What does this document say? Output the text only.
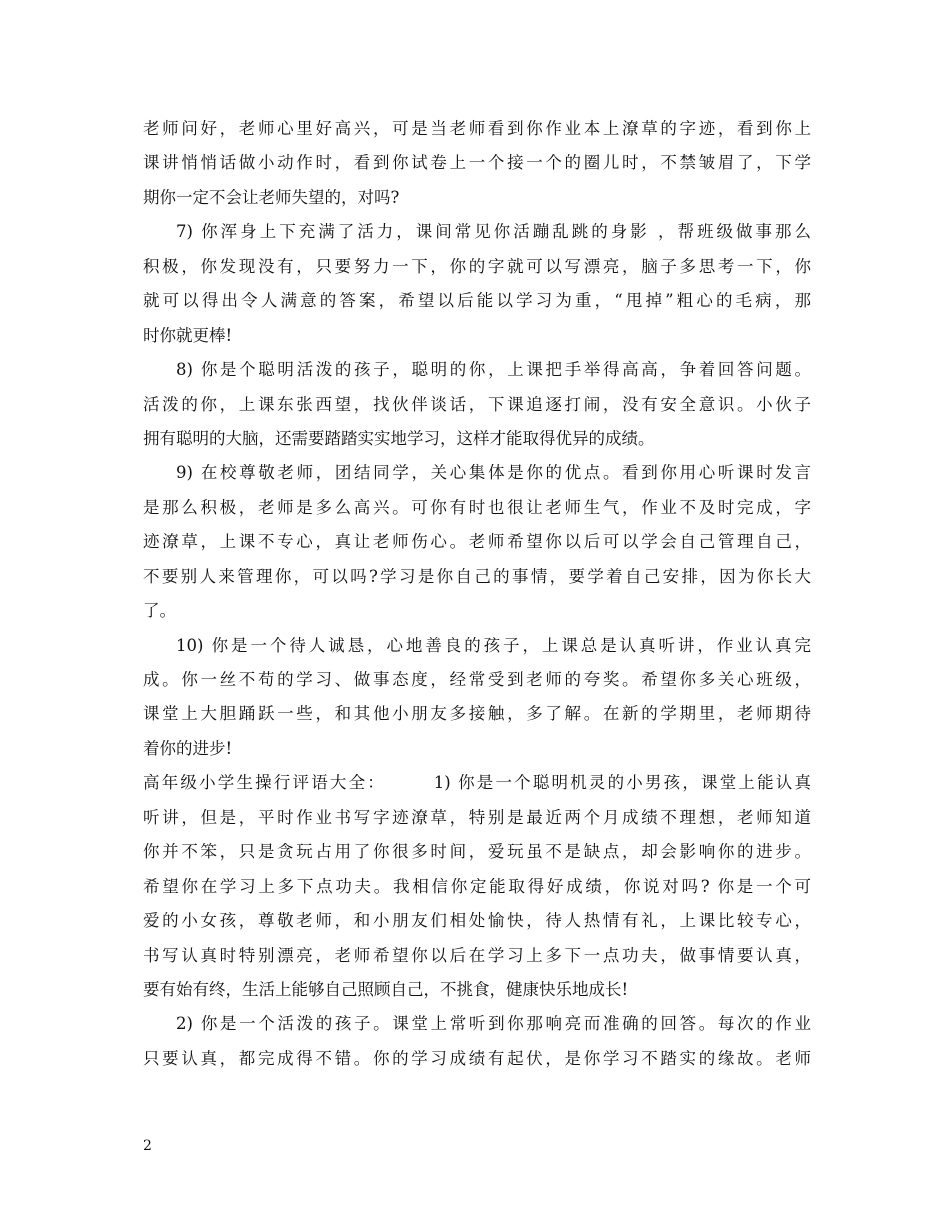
老师问好，老师心里好高兴，可是当老师看到你作业本上潦草的字迹，看到你上
课讲悄悄话做小动作时，看到你试卷上一个接一个的圈儿时，不禁皱眉了，下学
期你一定不会让老师失望的，对吗?
7) 你浑身上下充满了活力，课间常见你活蹦乱跳的身影 ，帮班级做事那么
积极，你发现没有，只要努力一下，你的字就可以写漂亮，脑子多思考一下，你
就可以得出令人满意的答案，希望以后能以学习为重，“甩掉”粗心的毛病，那
时你就更棒!
8) 你是个聪明活泼的孩子，聪明的你，上课把手举得高高，争着回答问题。
活泼的你，上课东张西望，找伙伴谈话，下课追逐打闹，没有安全意识。小伙子
拥有聪明的大脑，还需要踏踏实实地学习，这样才能取得优异的成绩。
9) 在校尊敬老师，团结同学，关心集体是你的优点。看到你用心听课时发言
是那么积极，老师是多么高兴。可你有时也很让老师生气，作业不及时完成，字
迹潦草，上课不专心，真让老师伤心。老师希望你以后可以学会自己管理自己，
不要别人来管理你，可以吗?学习是你自己的事情，要学着自己安排，因为你长大
了。
10) 你是一个待人诚恳，心地善良的孩子，上课总是认真听讲，作业认真完
成。你一丝不苟的学习、做事态度，经常受到老师的夸奖。希望你多关心班级，
课堂上大胆踊跃一些，和其他小朋友多接触，多了解。在新的学期里，老师期待
着你的进步!
高年级小学生操行评语大全：　　　1) 你是一个聪明机灵的小男孩，课堂上能认真
听讲，但是，平时作业书写字迹潦草，特别是最近两个月成绩不理想，老师知道
你并不笨，只是贪玩占用了你很多时间，爱玩虽不是缺点，却会影响你的进步。
希望你在学习上多下点功夫。我相信你定能取得好成绩，你说对吗? 你是一个可
爱的小女孩，尊敬老师，和小朋友们相处愉快，待人热情有礼，上课比较专心，
书写认真时特别漂亮，老师希望你以后在学习上多下一点功夫，做事情要认真，
要有始有终，生活上能够自己照顾自己，不挑食，健康快乐地成长!
2) 你是一个活泼的孩子。课堂上常听到你那响亮而准确的回答。每次的作业
只要认真，都完成得不错。你的学习成绩有起伏，是你学习不踏实的缘故。老师
2
